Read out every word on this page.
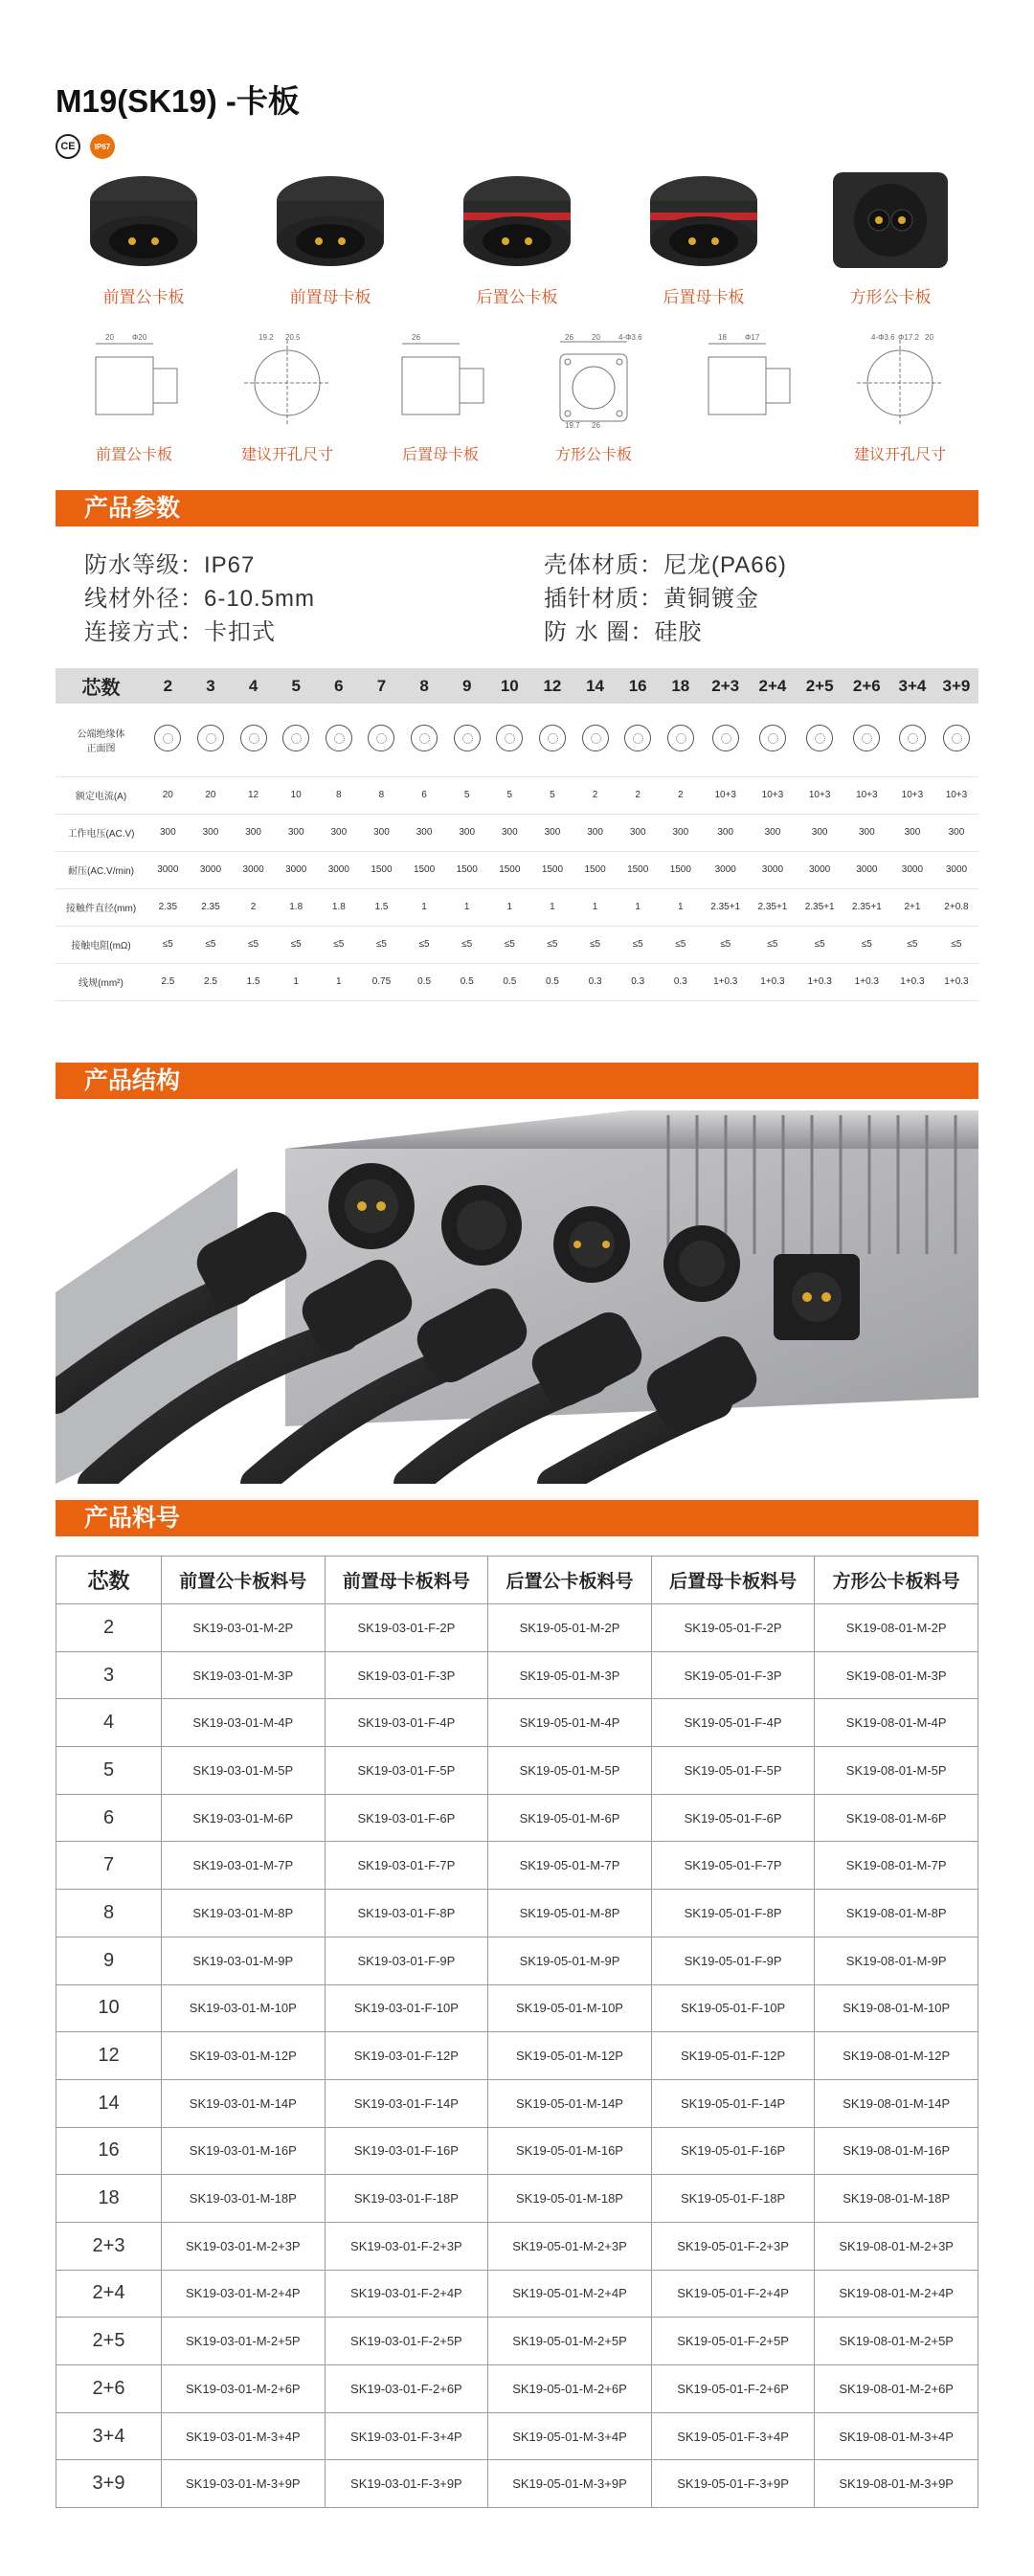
M19(SK19) -卡板
CE	IP67
前置公卡板	前置母卡板	后置公卡板	后置母卡板	方形公卡板
20 Φ20
前置公卡板
19.2 20.5
建议开孔尺寸
26
后置母卡板
26 20 4-Φ3.6
19.7 26
方形公卡板
18 Φ17	4-Φ3.6 Φ17.2 20
建议开孔尺寸
产品参数
防水等级：IP67	壳体材质：尼龙(PA66)
线材外径：6-10.5mm	插针材质：黄铜镀金
连接方式：卡扣式	防 水 圈：硅胶
芯数	2	3	4	5	6	7	8	9	10	12	14	16	18	2+3	2+4	2+5	2+6	3+4	3+9

公端绝缘体
正面图																			

额定电流(A)	20	20	12	10	8	8	6	5	5	5	2	2	2	10+3	10+3	10+3	10+3	10+3	10+3
工作电压(AC.V)	300	300	300	300	300	300	300	300	300	300	300	300	300	300	300	300	300	300	300
耐压(AC.V/min)	3000	3000	3000	3000	3000	1500	1500	1500	1500	1500	1500	1500	1500	3000	3000	3000	3000	3000	3000
接触件直径(mm)	2.35	2.35	2	1.8	1.8	1.5	1	1	1	1	1	1	1	2.35+1	2.35+1	2.35+1	2.35+1	2+1	2+0.8
接触电阻(mΩ)	≤5	≤5	≤5	≤5	≤5	≤5	≤5	≤5	≤5	≤5	≤5	≤5	≤5	≤5	≤5	≤5	≤5	≤5	≤5
线规(mm²)	2.5	2.5	1.5	1	1	0.75	0.5	0.5	0.5	0.5	0.3	0.3	0.3	1+0.3	1+0.3	1+0.3	1+0.3	1+0.3	1+0.3
产品结构
产品料号
芯数	前置公卡板料号	前置母卡板料号	后置公卡板料号	后置母卡板料号	方形公卡板料号
2	SK19-03-01-M-2P	SK19-03-01-F-2P	SK19-05-01-M-2P	SK19-05-01-F-2P	SK19-08-01-M-2P
3	SK19-03-01-M-3P	SK19-03-01-F-3P	SK19-05-01-M-3P	SK19-05-01-F-3P	SK19-08-01-M-3P
4	SK19-03-01-M-4P	SK19-03-01-F-4P	SK19-05-01-M-4P	SK19-05-01-F-4P	SK19-08-01-M-4P
5	SK19-03-01-M-5P	SK19-03-01-F-5P	SK19-05-01-M-5P	SK19-05-01-F-5P	SK19-08-01-M-5P
6	SK19-03-01-M-6P	SK19-03-01-F-6P	SK19-05-01-M-6P	SK19-05-01-F-6P	SK19-08-01-M-6P
7	SK19-03-01-M-7P	SK19-03-01-F-7P	SK19-05-01-M-7P	SK19-05-01-F-7P	SK19-08-01-M-7P
8	SK19-03-01-M-8P	SK19-03-01-F-8P	SK19-05-01-M-8P	SK19-05-01-F-8P	SK19-08-01-M-8P
9	SK19-03-01-M-9P	SK19-03-01-F-9P	SK19-05-01-M-9P	SK19-05-01-F-9P	SK19-08-01-M-9P
10	SK19-03-01-M-10P	SK19-03-01-F-10P	SK19-05-01-M-10P	SK19-05-01-F-10P	SK19-08-01-M-10P
12	SK19-03-01-M-12P	SK19-03-01-F-12P	SK19-05-01-M-12P	SK19-05-01-F-12P	SK19-08-01-M-12P
14	SK19-03-01-M-14P	SK19-03-01-F-14P	SK19-05-01-M-14P	SK19-05-01-F-14P	SK19-08-01-M-14P
16	SK19-03-01-M-16P	SK19-03-01-F-16P	SK19-05-01-M-16P	SK19-05-01-F-16P	SK19-08-01-M-16P
18	SK19-03-01-M-18P	SK19-03-01-F-18P	SK19-05-01-M-18P	SK19-05-01-F-18P	SK19-08-01-M-18P
2+3	SK19-03-01-M-2+3P	SK19-03-01-F-2+3P	SK19-05-01-M-2+3P	SK19-05-01-F-2+3P	SK19-08-01-M-2+3P
2+4	SK19-03-01-M-2+4P	SK19-03-01-F-2+4P	SK19-05-01-M-2+4P	SK19-05-01-F-2+4P	SK19-08-01-M-2+4P
2+5	SK19-03-01-M-2+5P	SK19-03-01-F-2+5P	SK19-05-01-M-2+5P	SK19-05-01-F-2+5P	SK19-08-01-M-2+5P
2+6	SK19-03-01-M-2+6P	SK19-03-01-F-2+6P	SK19-05-01-M-2+6P	SK19-05-01-F-2+6P	SK19-08-01-M-2+6P
3+4	SK19-03-01-M-3+4P	SK19-03-01-F-3+4P	SK19-05-01-M-3+4P	SK19-05-01-F-3+4P	SK19-08-01-M-3+4P
3+9	SK19-03-01-M-3+9P	SK19-03-01-F-3+9P	SK19-05-01-M-3+9P	SK19-05-01-F-3+9P	SK19-08-01-M-3+9P
